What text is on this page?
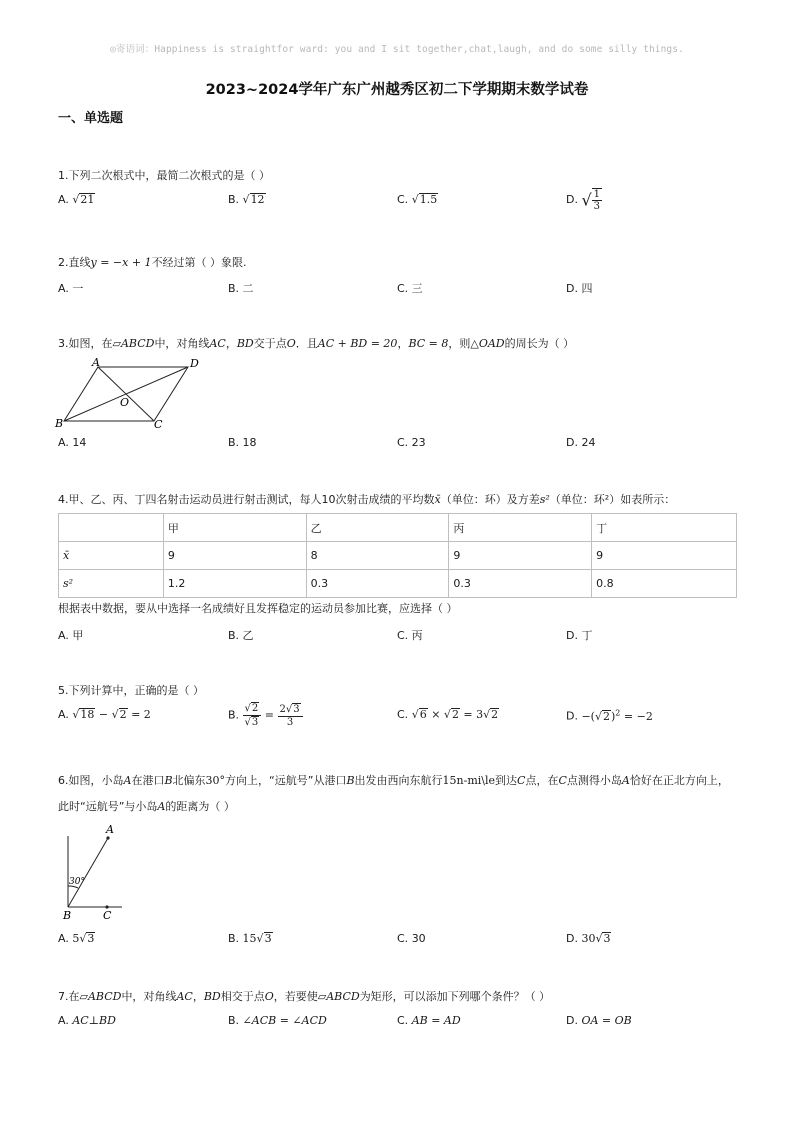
◎寄语词：Happiness is straightfor ward: you and I sit together,chat,laugh, and do some silly things.
2023~2024学年广东广州越秀区初二下学期期末数学试卷
一、单选题
1.下列二次根式中，最简二次根式的是（ ）
A. √21	B. √12	C. √1.5	D. √ $\frac{1}{3}$
2.直线y = −x + 1不经过第（ ）象限.
A. 一	B. 二	C. 三	D. 四
3.如图，在▱ABCD中，对角线AC，BD交于点O．且AC + BD = 20，BC = 8，则△OAD的周长为（ ）
A	D
B	C
O
A. 14	B. 18	C. 23	D. 24
4.甲、乙、丙、丁四名射击运动员进行射击测试，每人10次射击成绩的平均数x̄（单位：环）及方差s²（单位：环²）如表所示：
	甲	乙	丙	丁
x̄	9	8	9	9
s²	1.2	0.3	0.3	0.8
根据表中数据，要从中选择一名成绩好且发挥稳定的运动员参加比赛，应选择（ ）
A. 甲	B. 乙	C. 丙	D. 丁
5.下列计算中，正确的是（ ）
A. √18 − √2 = 2	B. $\frac{√2}{√3} = \frac{2√3}{3}$	C. √6 × √2 = 3√2	D. $-(√2)^2 = -2$
6.如图，小岛A在港口B北偏东30°方向上，“远航号”从港口B出发由西向东航行15n-mi\le到达C点，在C点测得小岛A恰好在正北方向上，
此时“远航号”与小岛A的距离为（ ）
A
B	C
30°
A. 5√3	B. 15√3	C. 30	D. 30√3
7.在▱ABCD中，对角线AC，BD相交于点O，若要使▱ABCD为矩形，可以添加下列哪个条件？（ ）
A. AC⊥BD	B. ∠ACB = ∠ACD	C. AB = AD	D. OA = OB
